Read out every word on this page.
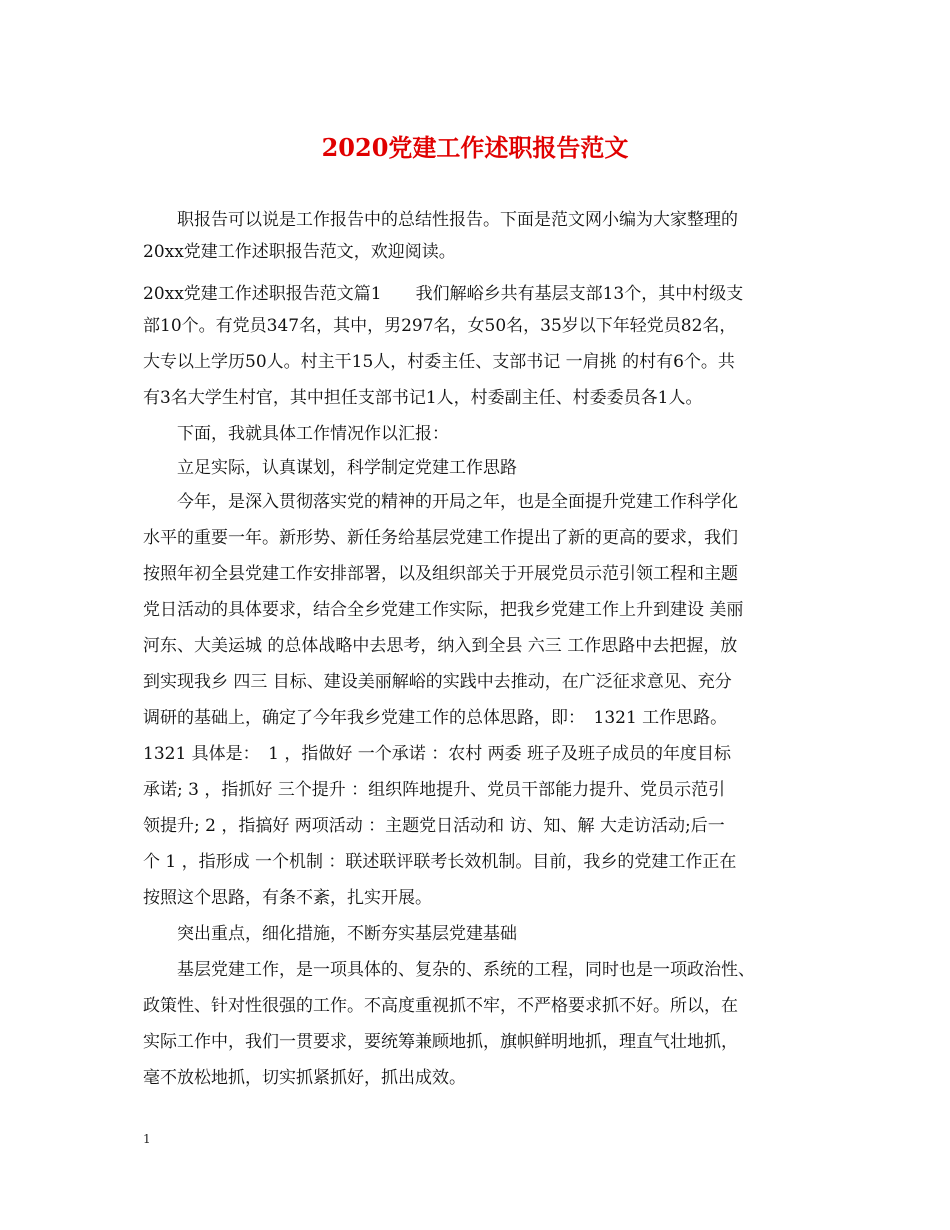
2020党建工作述职报告范文
　　职报告可以说是工作报告中的总结性报告。下面是范文网小编为大家整理的
20xx党建工作述职报告范文，欢迎阅读。
20xx党建工作述职报告范文篇1　　我们解峪乡共有基层支部13个，其中村级支
部10个。有党员347名，其中，男297名，女50名，35岁以下年轻党员82名，
大专以上学历50人。村主干15人，村委主任、支部书记 一肩挑 的村有6个。共
有3名大学生村官，其中担任支部书记1人，村委副主任、村委委员各1人。
　　下面，我就具体工作情况作以汇报：
　　立足实际，认真谋划，科学制定党建工作思路
　　今年，是深入贯彻落实党的精神的开局之年，也是全面提升党建工作科学化
水平的重要一年。新形势、新任务给基层党建工作提出了新的更高的要求，我们
按照年初全县党建工作安排部署，以及组织部关于开展党员示范引领工程和主题
党日活动的具体要求，结合全乡党建工作实际，把我乡党建工作上升到建设 美丽
河东、大美运城 的总体战略中去思考，纳入到全县 六三 工作思路中去把握，放
到实现我乡 四三 目标、建设美丽解峪的实践中去推动，在广泛征求意见、充分
调研的基础上，确定了今年我乡党建工作的总体思路，即：　1321 工作思路。
1321 具体是：　1 ，指做好 一个承诺 ：农村 两委 班子及班子成员的年度目标
承诺; 3 ，指抓好 三个提升 ：组织阵地提升、党员干部能力提升、党员示范引
领提升; 2 ，指搞好 两项活动 ：主题党日活动和 访、知、解 大走访活动;后一
个 1 ，指形成 一个机制 ：联述联评联考长效机制。目前，我乡的党建工作正在
按照这个思路，有条不紊，扎实开展。
　　突出重点，细化措施，不断夯实基层党建基础
　　基层党建工作，是一项具体的、复杂的、系统的工程，同时也是一项政治性、
政策性、针对性很强的工作。不高度重视抓不牢，不严格要求抓不好。所以，在
实际工作中，我们一贯要求，要统筹兼顾地抓，旗帜鲜明地抓，理直气壮地抓，
毫不放松地抓，切实抓紧抓好，抓出成效。
1
